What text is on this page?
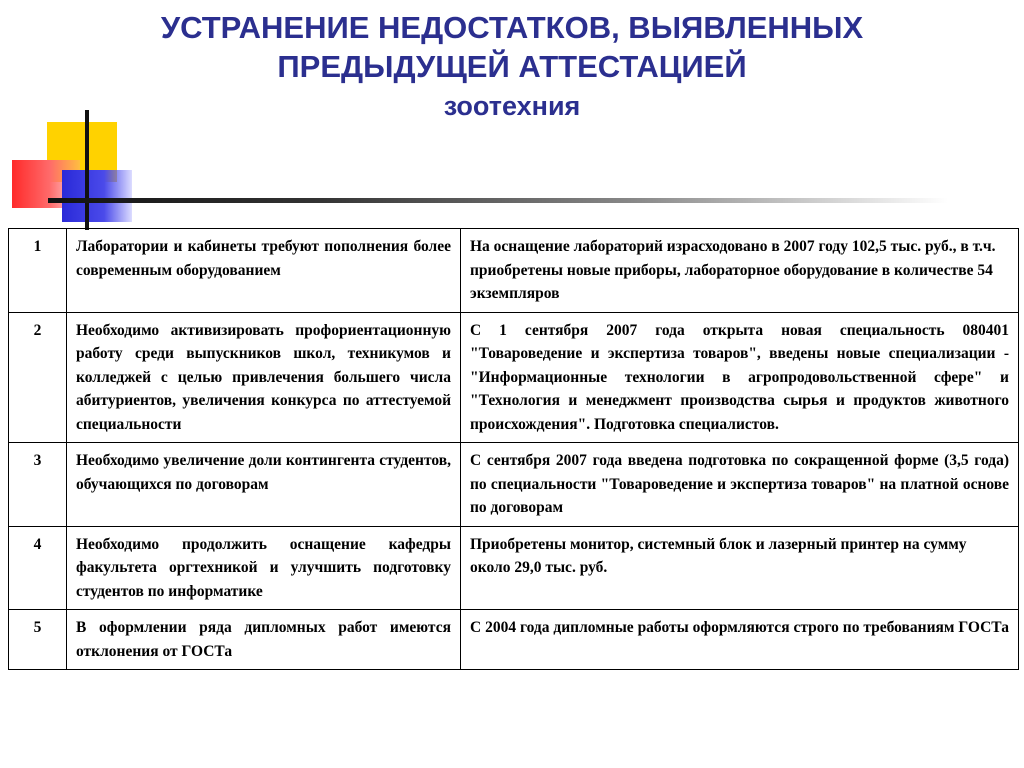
УСТРАНЕНИЕ НЕДОСТАТКОВ, ВЫЯВЛЕННЫХ
ПРЕДЫДУЩЕЙ АТТЕСТАЦИЕЙ
зоотехния
1	Лаборатории и кабинеты требуют пополнения более современным оборудованием	На оснащение лабораторий израсходовано в 2007 году 102,5 тыс. руб., в т.ч. приобретены новые приборы, лабораторное оборудование в количестве 54 экземпляров
2	Необходимо активизировать профориентационную работу среди выпускников школ, техникумов и колледжей с целью привлечения большего числа абитуриентов, увеличения конкурса по аттестуемой специальности	С 1 сентября 2007 года открыта новая специальность 080401 "Товароведение и экспертиза товаров", введены новые специализации - "Информационные технологии в агропродовольственной сфере" и "Технология и менеджмент производства сырья и продуктов животного происхождения". Подготовка специалистов.
3	Необходимо увеличение доли контингента студентов, обучающихся по договорам	С сентября 2007 года введена подготовка по сокращенной форме (3,5 года) по специальности "Товароведение и экспертиза товаров" на платной основе по договорам
4	Необходимо продолжить оснащение кафедры факультета оргтехникой и улучшить подготовку студентов по информатике	Приобретены монитор, системный блок и лазерный принтер на сумму около 29,0 тыс. руб.
5	В оформлении ряда дипломных работ имеются отклонения от ГОСТа	С 2004 года дипломные работы оформляются строго по требованиям ГОСТа
